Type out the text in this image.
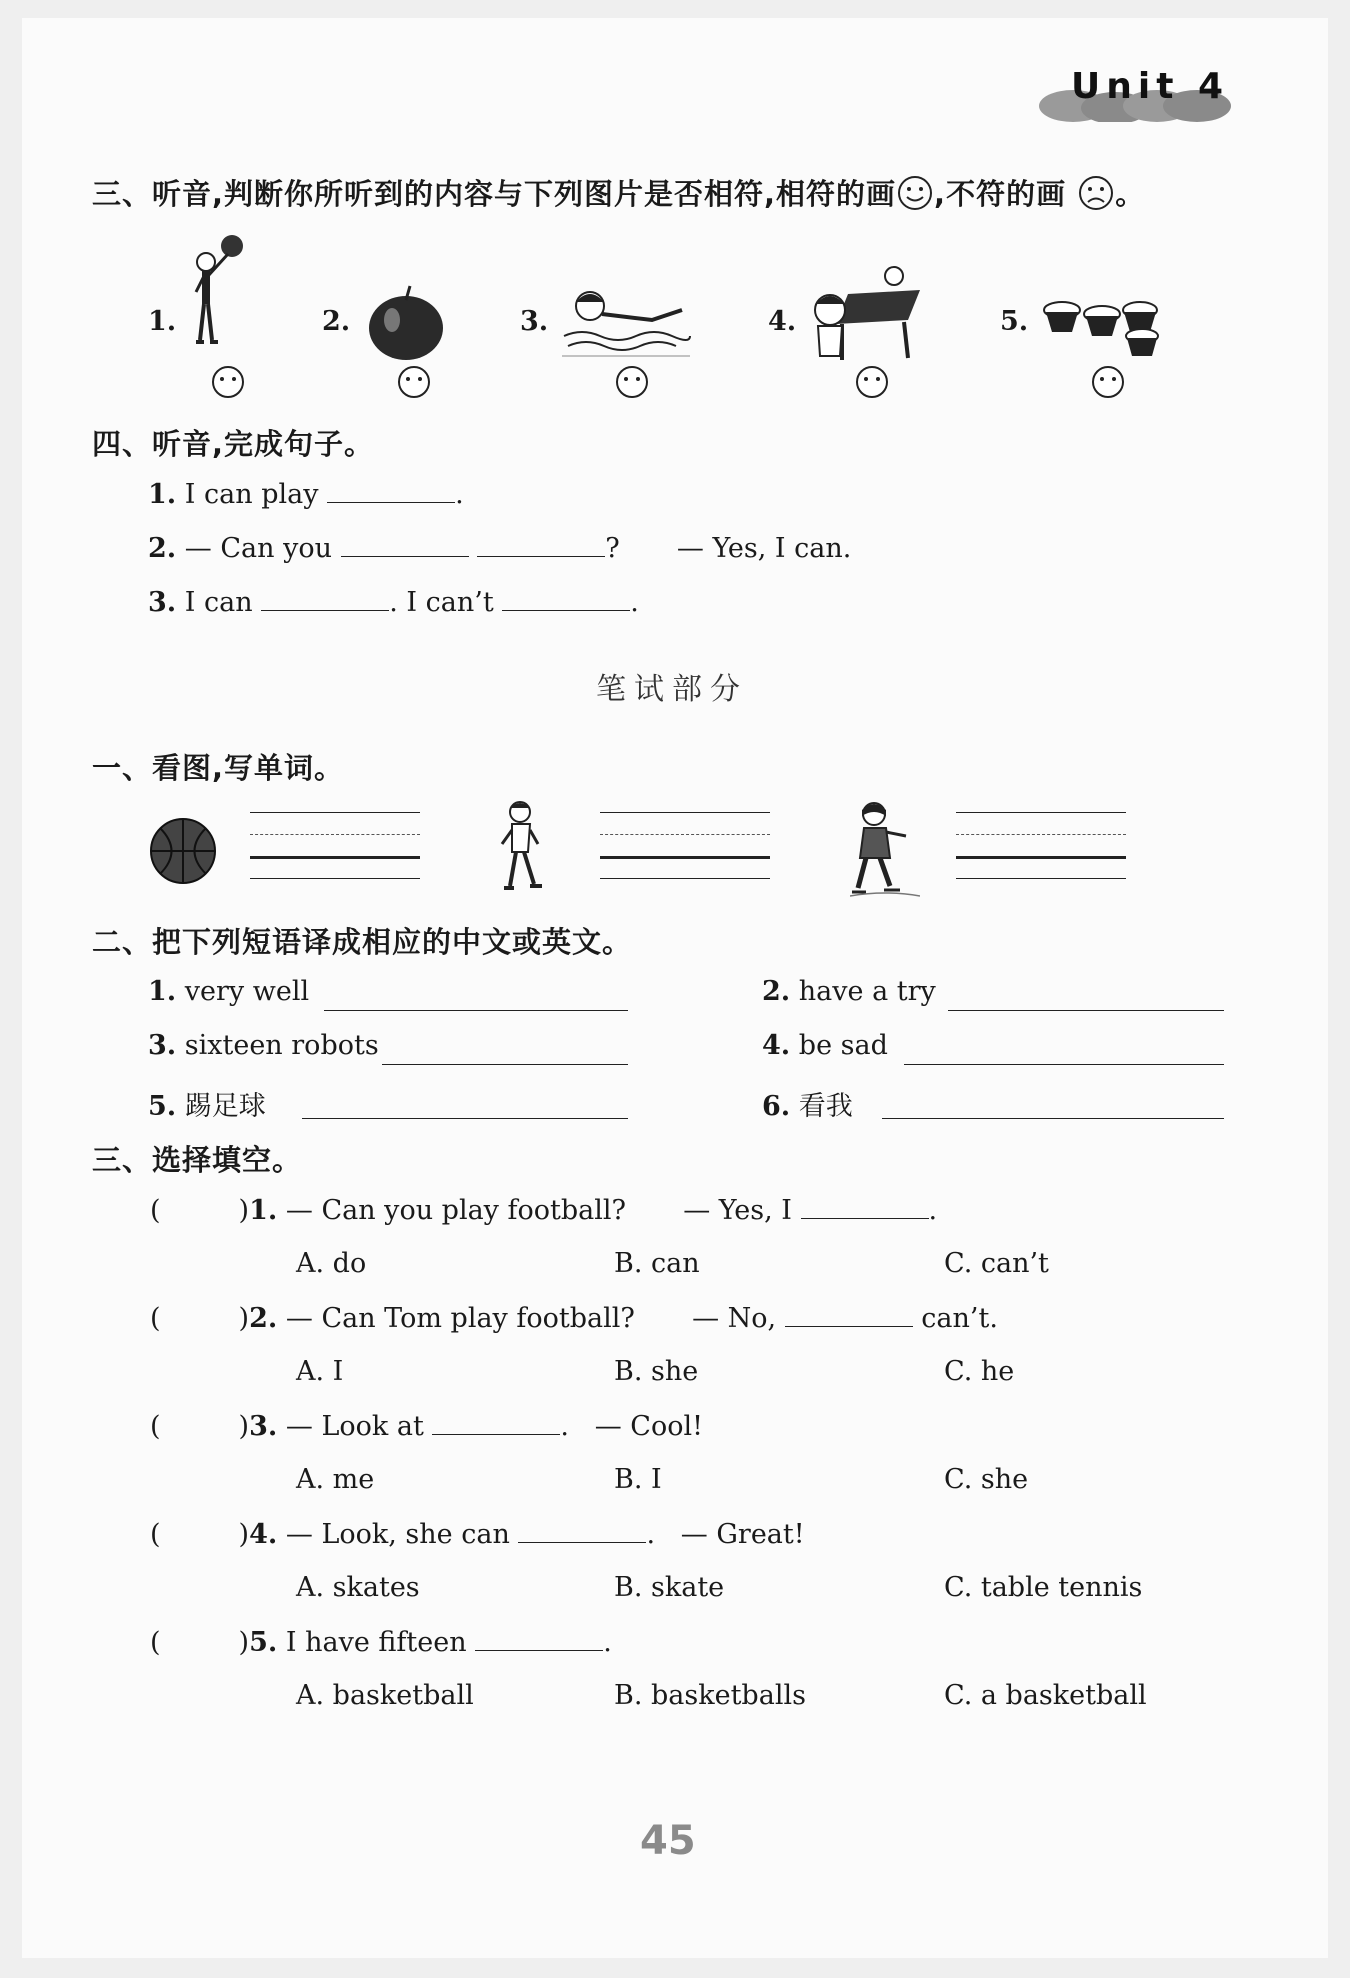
Unit 4
三、听音,判断你所听到的内容与下列图片是否相符,相符的画 ,不符的画 。
1.	2.	3.	4.	5.
四、听音,完成句子。
1. I can play	.
2. — Can you	? — Yes, I can.
3. I can	. I can’t	.
笔试部分
一、看图,写单词。
二、把下列短语译成相应的中文或英文。
1. very well	2. have a try
3. sixteen robots	4. be sad
5. 踢足球	6. 看我
三、选择填空。
(	)1. — Can you play football? — Yes, I	.
A. do	B. can	C. can’t
(	)2. — Can Tom play football? — No,	can’t.
A. I	B. she	C. he
(	)3. — Look at	.   — Cool!
A. me	B. I	C. she
(	)4. — Look, she can	.   — Great!
A. skates	B. skate	C. table tennis
(	)5. I have fifteen	.
A. basketball	B. basketballs	C. a basketball
45
